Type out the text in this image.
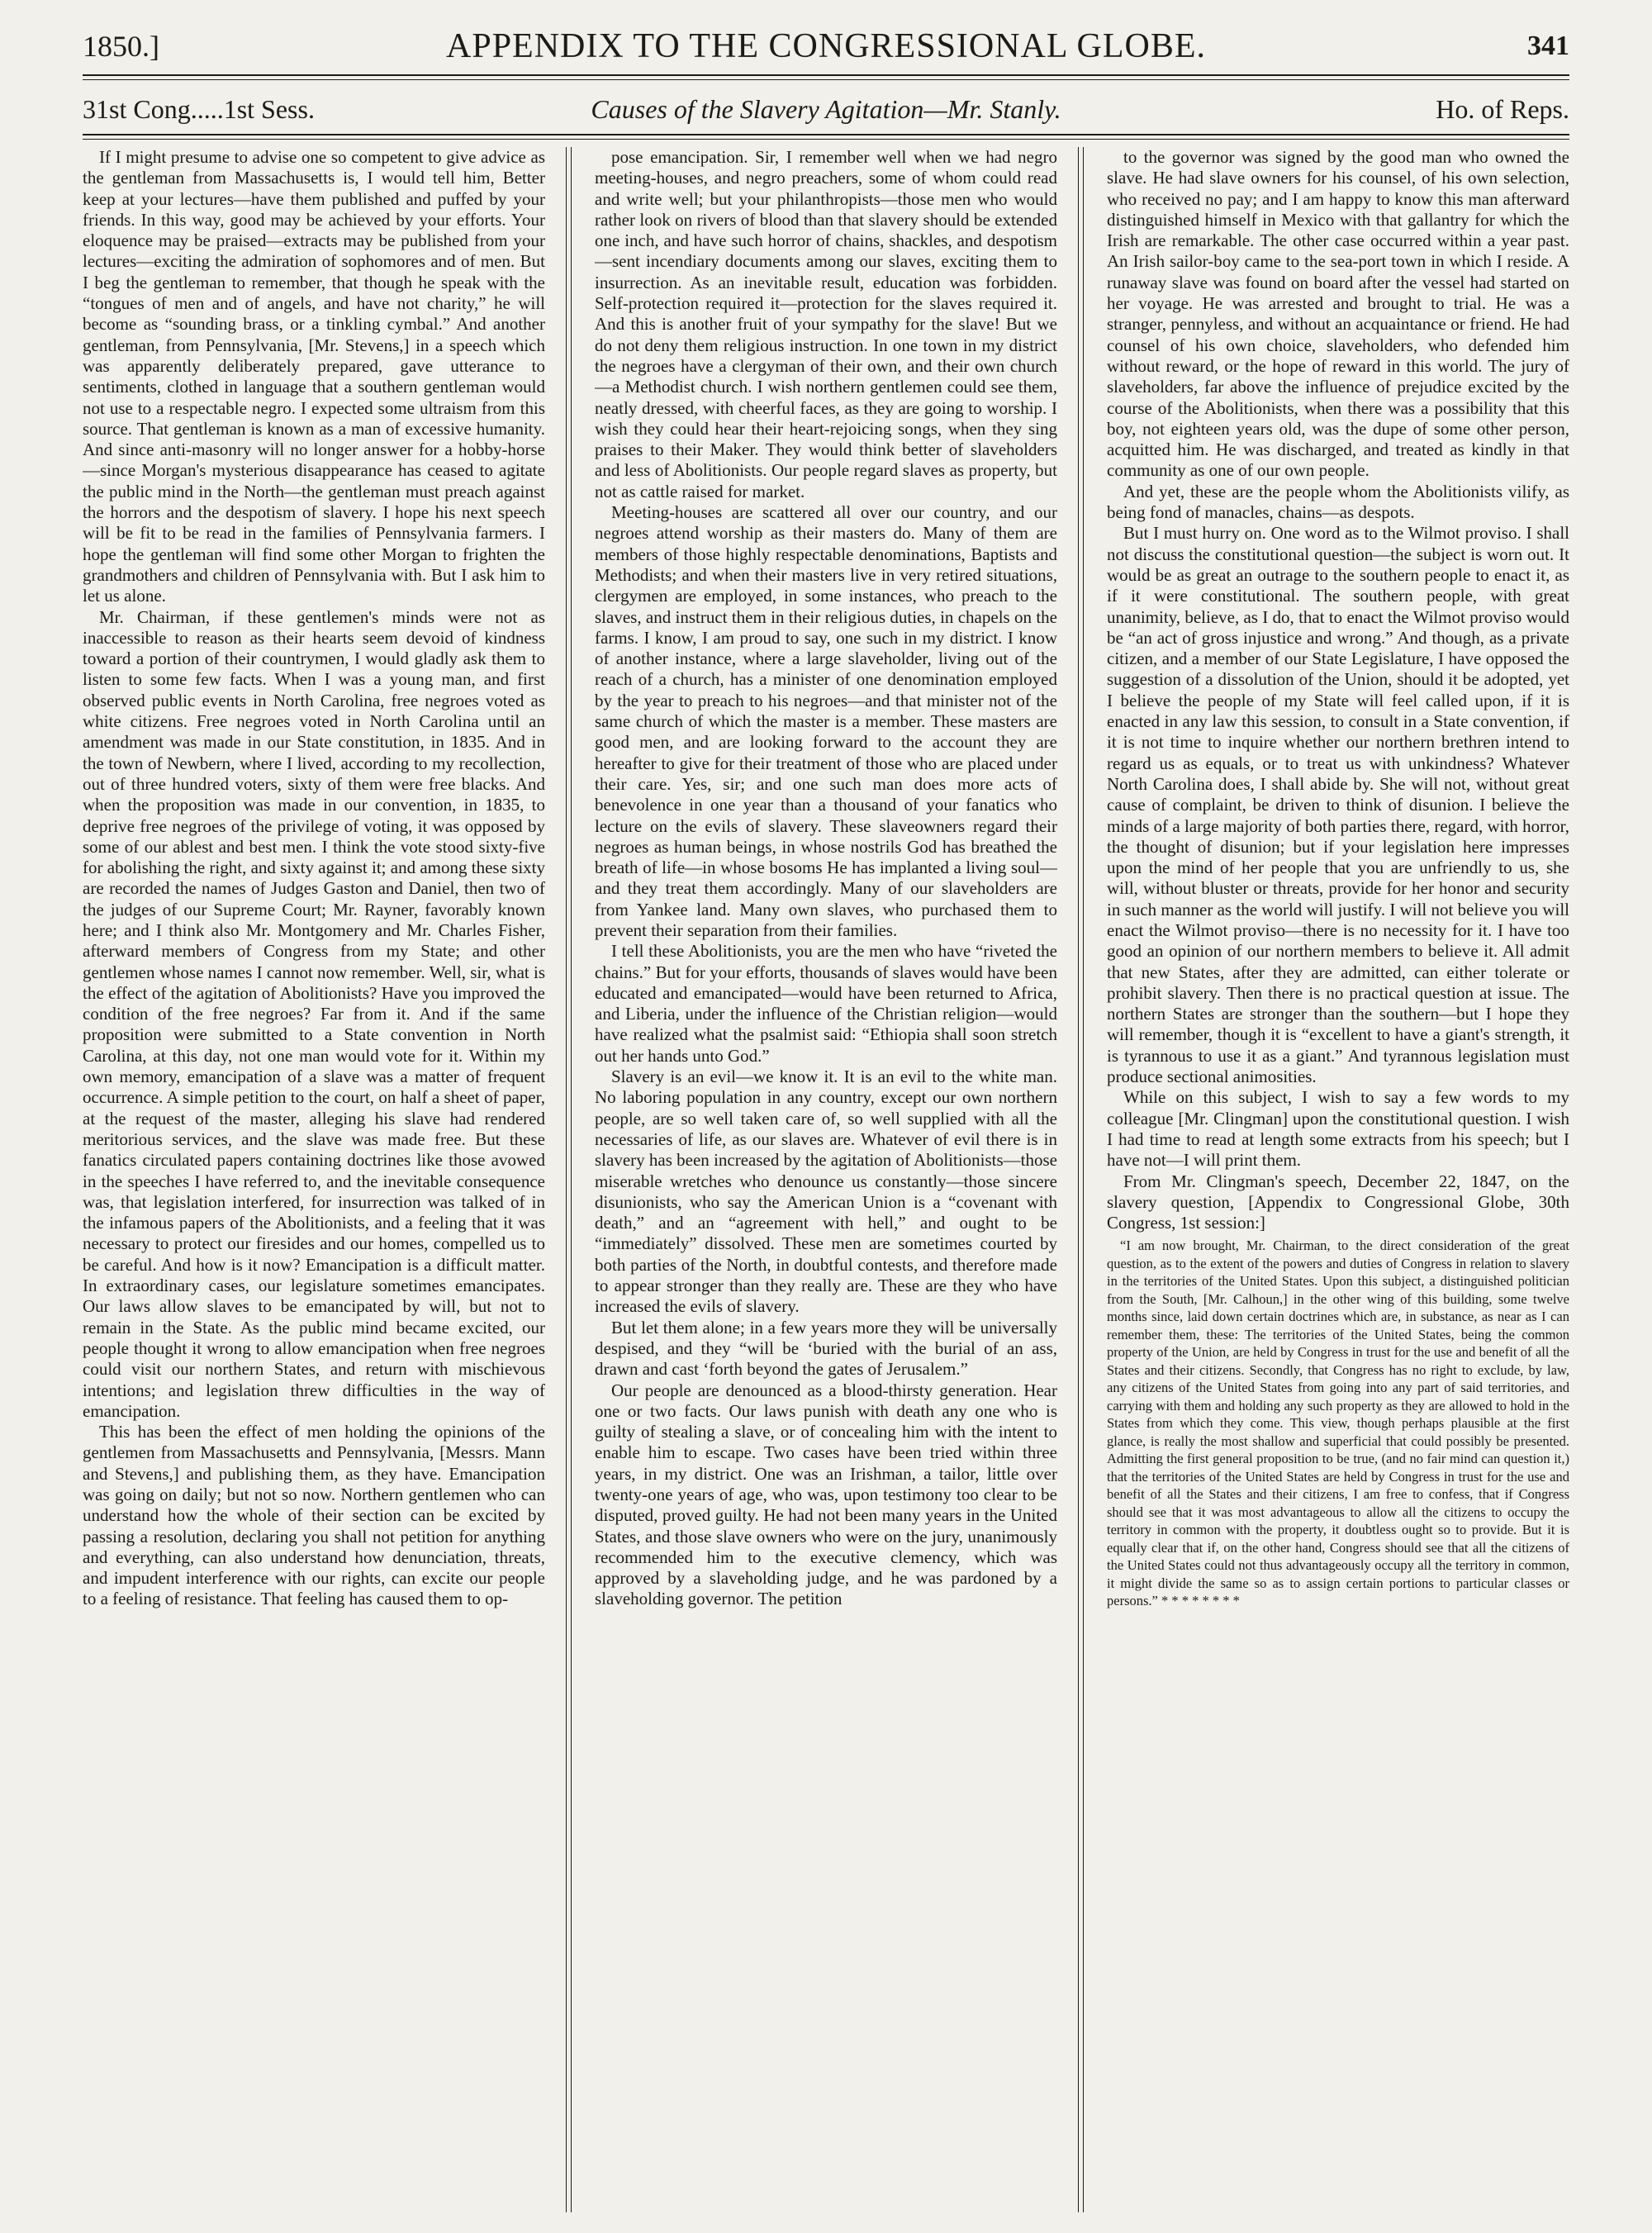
1850.]	APPENDIX TO THE CONGRESSIONAL GLOBE.	341
31st Cong.....1st Sess.	Causes of the Slavery Agitation—Mr. Stanly.	Ho. of Reps.

If I might presume to advise one so competent to give advice as the gentleman from Massachusetts is, I would tell him, Better keep at your lectures—have them published and puffed by your friends. In this way, good may be achieved by your efforts. Your eloquence may be praised—extracts may be published from your lectures—exciting the admiration of sophomores and of men. But I beg the gentleman to remember, that though he speak with the “tongues of men and of angels, and have not charity,” he will become as “sounding brass, or a tinkling cymbal.” And another gentleman, from Pennsylvania, [Mr. Stevens,] in a speech which was apparently deliberately prepared, gave utterance to sentiments, clothed in language that a southern gentleman would not use to a respectable negro. I expected some ultraism from this source. That gentleman is known as a man of excessive humanity. And since anti-masonry will no longer answer for a hobby-horse—since Morgan's mysterious disappearance has ceased to agitate the public mind in the North—the gentleman must preach against the horrors and the despotism of slavery. I hope his next speech will be fit to be read in the families of Pennsylvania farmers. I hope the gentleman will find some other Morgan to frighten the grandmothers and children of Pennsylvania with. But I ask him to let us alone.

Mr. Chairman, if these gentlemen's minds were not as inaccessible to reason as their hearts seem devoid of kindness toward a portion of their countrymen, I would gladly ask them to listen to some few facts. When I was a young man, and first observed public events in North Carolina, free negroes voted as white citizens. Free negroes voted in North Carolina until an amendment was made in our State constitution, in 1835. And in the town of Newbern, where I lived, according to my recollection, out of three hundred voters, sixty of them were free blacks. And when the proposition was made in our convention, in 1835, to deprive free negroes of the privilege of voting, it was opposed by some of our ablest and best men. I think the vote stood sixty-five for abolishing the right, and sixty against it; and among these sixty are recorded the names of Judges Gaston and Daniel, then two of the judges of our Supreme Court; Mr. Rayner, favorably known here; and I think also Mr. Montgomery and Mr. Charles Fisher, afterward members of Congress from my State; and other gentlemen whose names I cannot now remember. Well, sir, what is the effect of the agitation of Abolitionists? Have you improved the condition of the free negroes? Far from it. And if the same proposition were submitted to a State convention in North Carolina, at this day, not one man would vote for it. Within my own memory, emancipation of a slave was a matter of frequent occurrence. A simple petition to the court, on half a sheet of paper, at the request of the master, alleging his slave had rendered meritorious services, and the slave was made free. But these fanatics circulated papers containing doctrines like those avowed in the speeches I have referred to, and the inevitable consequence was, that legislation interfered, for insurrection was talked of in the infamous papers of the Abolitionists, and a feeling that it was necessary to protect our firesides and our homes, compelled us to be careful. And how is it now? Emancipation is a difficult matter. In extraordinary cases, our legislature sometimes emancipates. Our laws allow slaves to be emancipated by will, but not to remain in the State. As the public mind became excited, our people thought it wrong to allow emancipation when free negroes could visit our northern States, and return with mischievous intentions; and legislation threw difficulties in the way of emancipation.

This has been the effect of men holding the opinions of the gentlemen from Massachusetts and Pennsylvania, [Messrs. Mann and Stevens,] and publishing them, as they have. Emancipation was going on daily; but not so now. Northern gentlemen who can understand how the whole of their section can be excited by passing a resolution, declaring you shall not petition for anything and everything, can also understand how denunciation, threats, and impudent interference with our rights, can excite our people to a feeling of resistance. That feeling has caused them to op-

pose emancipation. Sir, I remember well when we had negro meeting-houses, and negro preachers, some of whom could read and write well; but your philanthropists—those men who would rather look on rivers of blood than that slavery should be extended one inch, and have such horror of chains, shackles, and despotism—sent incendiary documents among our slaves, exciting them to insurrection. As an inevitable result, education was forbidden. Self-protection required it—protection for the slaves required it. And this is another fruit of your sympathy for the slave! But we do not deny them religious instruction. In one town in my district the negroes have a clergyman of their own, and their own church—a Methodist church. I wish northern gentlemen could see them, neatly dressed, with cheerful faces, as they are going to worship. I wish they could hear their heart-rejoicing songs, when they sing praises to their Maker. They would think better of slaveholders and less of Abolitionists. Our people regard slaves as property, but not as cattle raised for market.

Meeting-houses are scattered all over our country, and our negroes attend worship as their masters do. Many of them are members of those highly respectable denominations, Baptists and Methodists; and when their masters live in very retired situations, clergymen are employed, in some instances, who preach to the slaves, and instruct them in their religious duties, in chapels on the farms. I know, I am proud to say, one such in my district. I know of another instance, where a large slaveholder, living out of the reach of a church, has a minister of one denomination employed by the year to preach to his negroes—and that minister not of the same church of which the master is a member. These masters are good men, and are looking forward to the account they are hereafter to give for their treatment of those who are placed under their care. Yes, sir; and one such man does more acts of benevolence in one year than a thousand of your fanatics who lecture on the evils of slavery. These slaveowners regard their negroes as human beings, in whose nostrils God has breathed the breath of life—in whose bosoms He has implanted a living soul—and they treat them accordingly. Many of our slaveholders are from Yankee land. Many own slaves, who purchased them to prevent their separation from their families.

I tell these Abolitionists, you are the men who have “riveted the chains.” But for your efforts, thousands of slaves would have been educated and emancipated—would have been returned to Africa, and Liberia, under the influence of the Christian religion—would have realized what the psalmist said: “Ethiopia shall soon stretch out her hands unto God.”

Slavery is an evil—we know it. It is an evil to the white man. No laboring population in any country, except our own northern people, are so well taken care of, so well supplied with all the necessaries of life, as our slaves are. Whatever of evil there is in slavery has been increased by the agitation of Abolitionists—those miserable wretches who denounce us constantly—those sincere disunionists, who say the American Union is a “covenant with death,” and an “agreement with hell,” and ought to be “immediately” dissolved. These men are sometimes courted by both parties of the North, in doubtful contests, and therefore made to appear stronger than they really are. These are they who have increased the evils of slavery.

But let them alone; in a few years more they will be universally despised, and they “will be ‘buried with the burial of an ass, drawn and cast ‘forth beyond the gates of Jerusalem.”

Our people are denounced as a blood-thirsty generation. Hear one or two facts. Our laws punish with death any one who is guilty of stealing a slave, or of concealing him with the intent to enable him to escape. Two cases have been tried within three years, in my district. One was an Irishman, a tailor, little over twenty-one years of age, who was, upon testimony too clear to be disputed, proved guilty. He had not been many years in the United States, and those slave owners who were on the jury, unanimously recommended him to the executive clemency, which was approved by a slaveholding judge, and he was pardoned by a slaveholding governor. The petition

to the governor was signed by the good man who owned the slave. He had slave owners for his counsel, of his own selection, who received no pay; and I am happy to know this man afterward distinguished himself in Mexico with that gallantry for which the Irish are remarkable. The other case occurred within a year past. An Irish sailor-boy came to the sea-port town in which I reside. A runaway slave was found on board after the vessel had started on her voyage. He was arrested and brought to trial. He was a stranger, pennyless, and without an acquaintance or friend. He had counsel of his own choice, slaveholders, who defended him without reward, or the hope of reward in this world. The jury of slaveholders, far above the influence of prejudice excited by the course of the Abolitionists, when there was a possibility that this boy, not eighteen years old, was the dupe of some other person, acquitted him. He was discharged, and treated as kindly in that community as one of our own people.

And yet, these are the people whom the Abolitionists vilify, as being fond of manacles, chains—as despots.

But I must hurry on. One word as to the Wilmot proviso. I shall not discuss the constitutional question—the subject is worn out. It would be as great an outrage to the southern people to enact it, as if it were constitutional. The southern people, with great unanimity, believe, as I do, that to enact the Wilmot proviso would be “an act of gross injustice and wrong.” And though, as a private citizen, and a member of our State Legislature, I have opposed the suggestion of a dissolution of the Union, should it be adopted, yet I believe the people of my State will feel called upon, if it is enacted in any law this session, to consult in a State convention, if it is not time to inquire whether our northern brethren intend to regard us as equals, or to treat us with unkindness? Whatever North Carolina does, I shall abide by. She will not, without great cause of complaint, be driven to think of disunion. I believe the minds of a large majority of both parties there, regard, with horror, the thought of disunion; but if your legislation here impresses upon the mind of her people that you are unfriendly to us, she will, without bluster or threats, provide for her honor and security in such manner as the world will justify. I will not believe you will enact the Wilmot proviso—there is no necessity for it. I have too good an opinion of our northern members to believe it. All admit that new States, after they are admitted, can either tolerate or prohibit slavery. Then there is no practical question at issue. The northern States are stronger than the southern—but I hope they will remember, though it is “excellent to have a giant's strength, it is tyrannous to use it as a giant.” And tyrannous legislation must produce sectional animosities.

While on this subject, I wish to say a few words to my colleague [Mr. Clingman] upon the constitutional question. I wish I had time to read at length some extracts from his speech; but I have not—I will print them.

From Mr. Clingman's speech, December 22, 1847, on the slavery question, [Appendix to Congressional Globe, 30th Congress, 1st session:]

“I am now brought, Mr. Chairman, to the direct consideration of the great question, as to the extent of the powers and duties of Congress in relation to slavery in the territories of the United States. Upon this subject, a distinguished politician from the South, [Mr. Calhoun,] in the other wing of this building, some twelve months since, laid down certain doctrines which are, in substance, as near as I can remember them, these: The territories of the United States, being the common property of the Union, are held by Congress in trust for the use and benefit of all the States and their citizens. Secondly, that Congress has no right to exclude, by law, any citizens of the United States from going into any part of said territories, and carrying with them and holding any such property as they are allowed to hold in the States from which they come. This view, though perhaps plausible at the first glance, is really the most shallow and superficial that could possibly be presented. Admitting the first general proposition to be true, (and no fair mind can question it,) that the territories of the United States are held by Congress in trust for the use and benefit of all the States and their citizens, I am free to confess, that if Congress should see that it was most advantageous to allow all the citizens to occupy the territory in common with the property, it doubtless ought so to provide. But it is equally clear that if, on the other hand, Congress should see that all the citizens of the United States could not thus advantageously occupy all the territory in common, it might divide the same so as to assign certain portions to particular classes or persons.” * * * * * * * *
